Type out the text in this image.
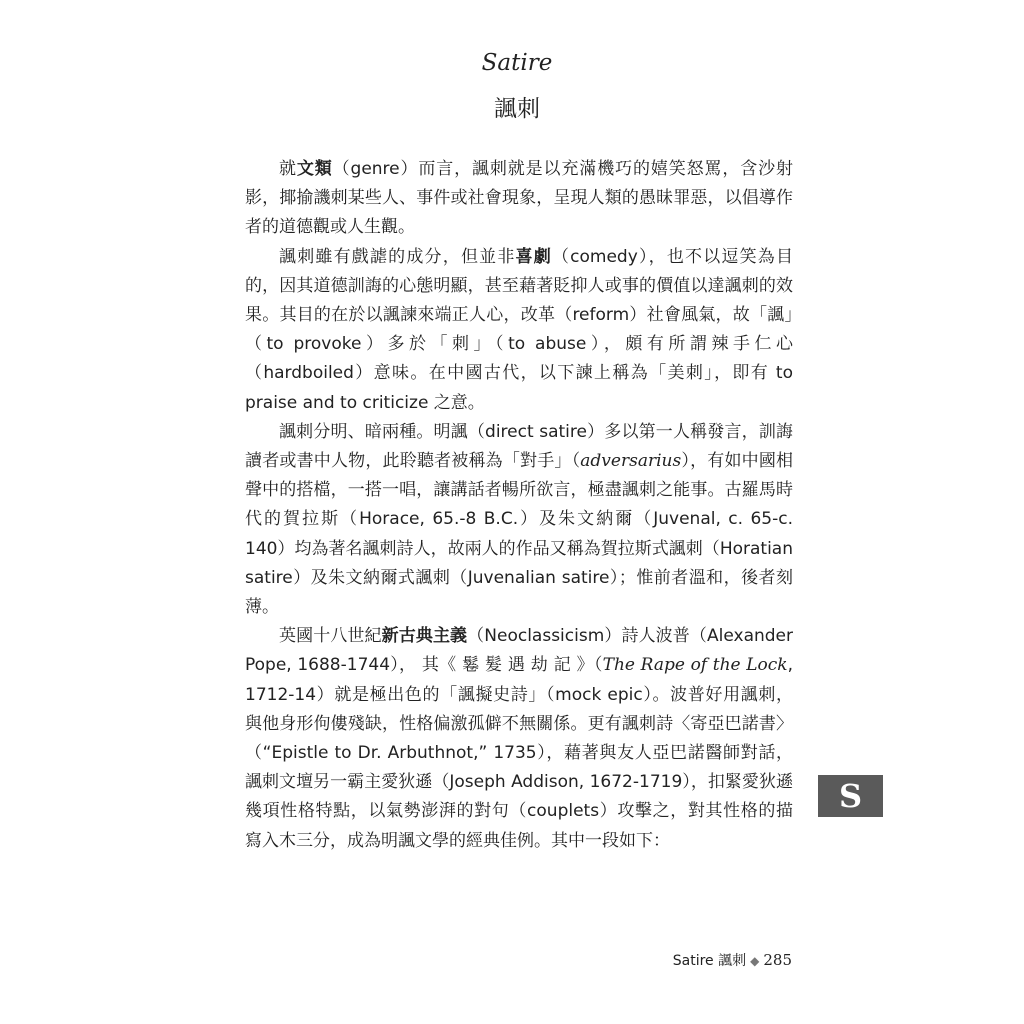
Satire
諷刺

就文類（genre）而言，諷刺就是以充滿機巧的嬉笑怒罵，含沙射影，揶揄譏刺某些人、事件或社會現象，呈現人類的愚昧罪惡，以倡導作者的道德觀或人生觀。

諷刺雖有戲謔的成分，但並非喜劇（comedy），也不以逗笑為目的，因其道德訓誨的心態明顯，甚至藉著貶抑人或事的價值以達諷刺的效果。其目的在於以諷諫來端正人心，改革（reform）社會風氣，故「諷」（to provoke）多於「刺」（to abuse），頗有所謂辣手仁心（hardboiled）意味。在中國古代，以下諫上稱為「美刺」，即有 to praise and to criticize 之意。

諷刺分明、暗兩種。明諷（direct satire）多以第一人稱發言，訓誨讀者或書中人物，此聆聽者被稱為「對手」（adversarius），有如中國相聲中的搭檔，一搭一唱，讓講話者暢所欲言，極盡諷刺之能事。古羅馬時代的賀拉斯（Horace, 65.-8 B.C.）及朱文納爾（Juvenal, c. 65-c. 140）均為著名諷刺詩人，故兩人的作品又稱為賀拉斯式諷刺（Horatian satire）及朱文納爾式諷刺（Juvenalian satire）；惟前者溫和，後者刻薄。

英國十八世紀新古典主義（Neoclassicism）詩人波普（Alexander Pope, 1688-1744）， 其《 鬈 髮 遇 劫 記 》（The Rape of the Lock, 1712-14）就是極出色的「諷擬史詩」（mock epic）。波普好用諷刺，與他身形佝僂殘缺，性格偏激孤僻不無關係。更有諷刺詩〈寄亞巴諾書〉（“Epistle to Dr. Arbuthnot,” 1735），藉著與友人亞巴諾醫師對話，諷刺文壇另一霸主愛狄遜（Joseph Addison, 1672-1719），扣緊愛狄遜幾項性格特點，以氣勢澎湃的對句（couplets）攻擊之，對其性格的描寫入木三分，成為明諷文學的經典佳例。其中一段如下：

S
Satire 諷刺 ◆ 285
